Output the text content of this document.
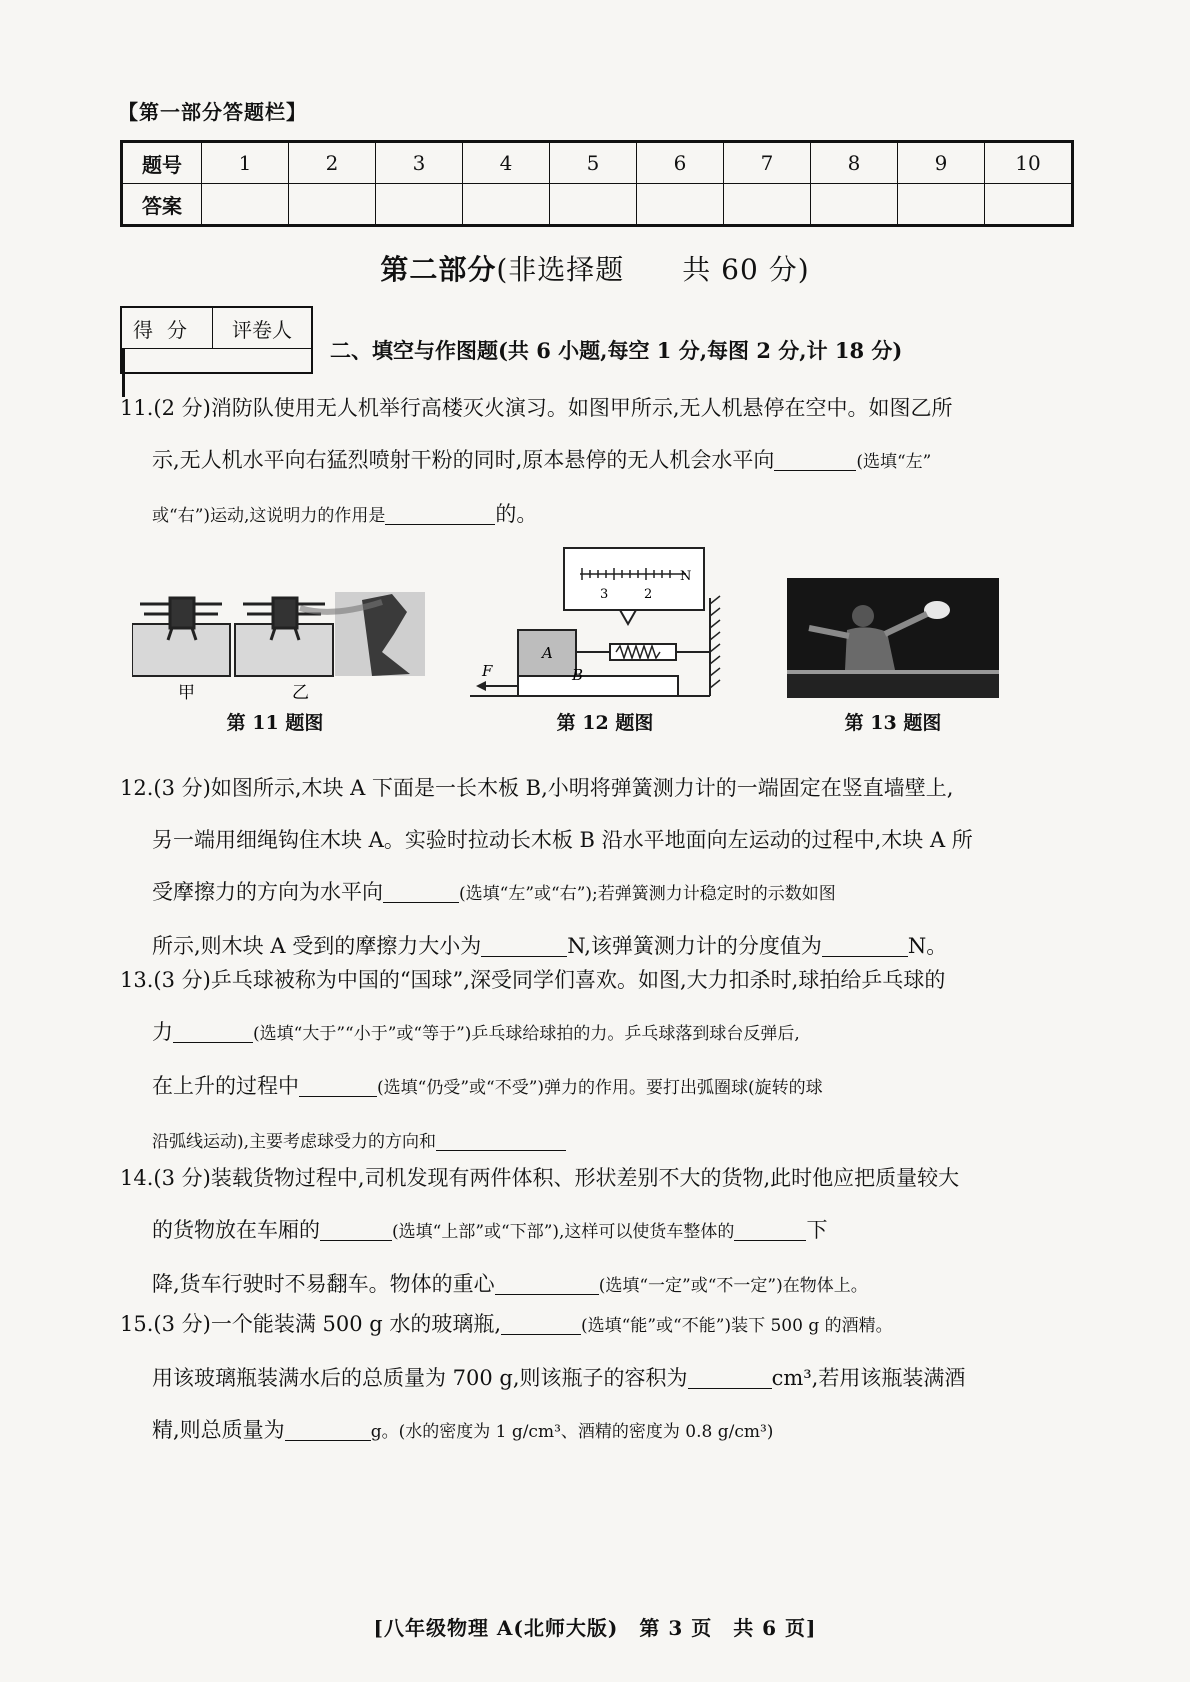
【第一部分答题栏】
题号	1	2	3	4	5	6	7	8	9	10
答案										
第二部分(非选择题　　共 60 分)
得分	评卷人

二、填空与作图题(共 6 小题,每空 1 分,每图 2 分,计 18 分)
11.(2 分)消防队使用无人机举行高楼灭火演习。如图甲所示,无人机悬停在空中。如图乙所
示,无人机水平向右猛烈喷射干粉的同时,原本悬停的无人机会水平向	(选填“左”
或“右”)运动,这说明力的作用是	的。
甲	乙
第 11 题图
N
3	2
A
B
F
第 12 题图	第 13 题图
12.(3 分)如图所示,木块 A 下面是一长木板 B,小明将弹簧测力计的一端固定在竖直墙壁上,
另一端用细绳钩住木块 A。实验时拉动长木板 B 沿水平地面向左运动的过程中,木块 A 所
受摩擦力的方向为水平向	(选填“左”或“右”);若弹簧测力计稳定时的示数如图
所示,则木块 A 受到的摩擦力大小为	N,该弹簧测力计的分度值为	N。
13.(3 分)乒乓球被称为中国的“国球”,深受同学们喜欢。如图,大力扣杀时,球拍给乒乓球的
力	(选填“大于”“小于”或“等于”)乒乓球给球拍的力。乒乓球落到球台反弹后,
在上升的过程中	(选填“仍受”或“不受”)弹力的作用。要打出弧圈球(旋转的球
沿弧线运动),主要考虑球受力的方向和
14.(3 分)装载货物过程中,司机发现有两件体积、形状差别不大的货物,此时他应把质量较大
的货物放在车厢的	(选填“上部”或“下部”),这样可以使货车整体的	下
降,货车行驶时不易翻车。物体的重心	(选填“一定”或“不一定”)在物体上。
15.(3 分)一个能装满 500 g 水的玻璃瓶,	(选填“能”或“不能”)装下 500 g 的酒精。
用该玻璃瓶装满水后的总质量为 700 g,则该瓶子的容积为	cm³,若用该瓶装满酒
精,则总质量为	g。(水的密度为 1 g/cm³、酒精的密度为 0.8 g/cm³)
[八年级物理 A(北师大版)　第 3 页　共 6 页]
